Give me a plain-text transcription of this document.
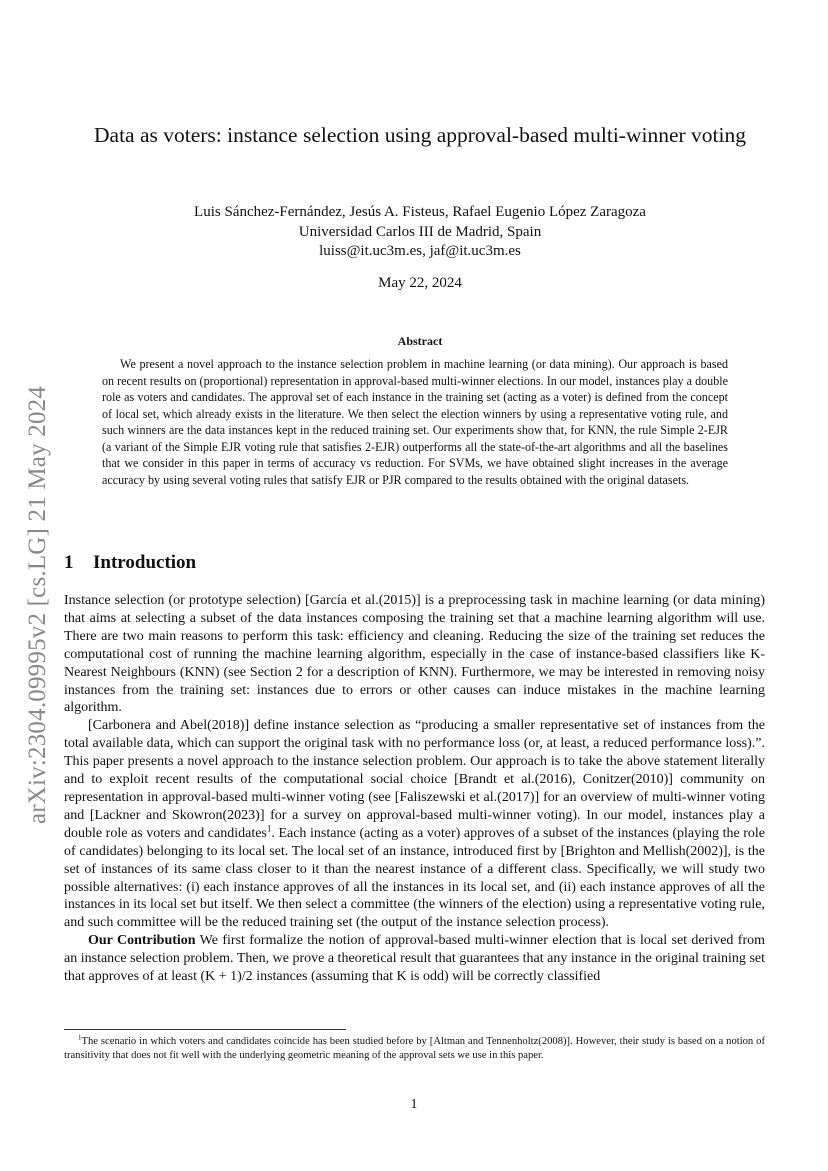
arXiv:2304.09995v2 [cs.LG] 21 May 2024
Data as voters: instance selection using approval-based multi-winner voting
Luis Sánchez-Fernández, Jesús A. Fisteus, Rafael Eugenio López Zaragoza
Universidad Carlos III de Madrid, Spain
luiss@it.uc3m.es, jaf@it.uc3m.es
May 22, 2024
Abstract

We present a novel approach to the instance selection problem in machine learning (or data mining). Our approach is based on recent results on (proportional) representation in approval-based multi-winner elections. In our model, instances play a double role as voters and candidates. The approval set of each instance in the training set (acting as a voter) is defined from the concept of local set, which already exists in the literature. We then select the election winners by using a representative voting rule, and such winners are the data instances kept in the reduced training set. Our experiments show that, for KNN, the rule Simple 2-EJR (a variant of the Simple EJR voting rule that satisfies 2-EJR) outperforms all the state-of-the-art algorithms and all the baselines that we consider in this paper in terms of accuracy vs reduction. For SVMs, we have obtained slight increases in the average accuracy by using several voting rules that satisfy EJR or PJR compared to the results obtained with the original datasets.

1 Introduction

Instance selection (or prototype selection) [García et al.(2015)] is a preprocessing task in machine learning (or data mining) that aims at selecting a subset of the data instances composing the training set that a machine learning algorithm will use. There are two main reasons to perform this task: efficiency and cleaning. Reducing the size of the training set reduces the computational cost of running the machine learning algorithm, especially in the case of instance-based classifiers like K-Nearest Neighbours (KNN) (see Section 2 for a description of KNN). Furthermore, we may be interested in removing noisy instances from the training set: instances due to errors or other causes can induce mistakes in the machine learning algorithm.

[Carbonera and Abel(2018)] define instance selection as “producing a smaller representative set of instances from the total available data, which can support the original task with no performance loss (or, at least, a reduced performance loss).”. This paper presents a novel approach to the instance selection problem. Our approach is to take the above statement literally and to exploit recent results of the computational social choice [Brandt et al.(2016), Conitzer(2010)] community on representation in approval-based multi-winner voting (see [Faliszewski et al.(2017)] for an overview of multi-winner voting and [Lackner and Skowron(2023)] for a survey on approval-based multi-winner voting). In our model, instances play a double role as voters and candidates$^1$. Each instance (acting as a voter) approves of a subset of the instances (playing the role of candidates) belonging to its local set. The local set of an instance, introduced first by [Brighton and Mellish(2002)], is the set of instances of its same class closer to it than the nearest instance of a different class. Specifically, we will study two possible alternatives: (i) each instance approves of all the instances in its local set, and (ii) each instance approves of all the instances in its local set but itself. We then select a committee (the winners of the election) using a representative voting rule, and such committee will be the reduced training set (the output of the instance selection process).

Our Contribution We first formalize the notion of approval-based multi-winner election that is local set derived from an instance selection problem. Then, we prove a theoretical result that guarantees that any instance in the original training set that approves of at least (K + 1)/2 instances (assuming that K is odd) will be correctly classified

$^1$The scenario in which voters and candidates coincide has been studied before by [Altman and Tennenholtz(2008)]. However, their study is based on a notion of transitivity that does not fit well with the underlying geometric meaning of the approval sets we use in this paper.
1
